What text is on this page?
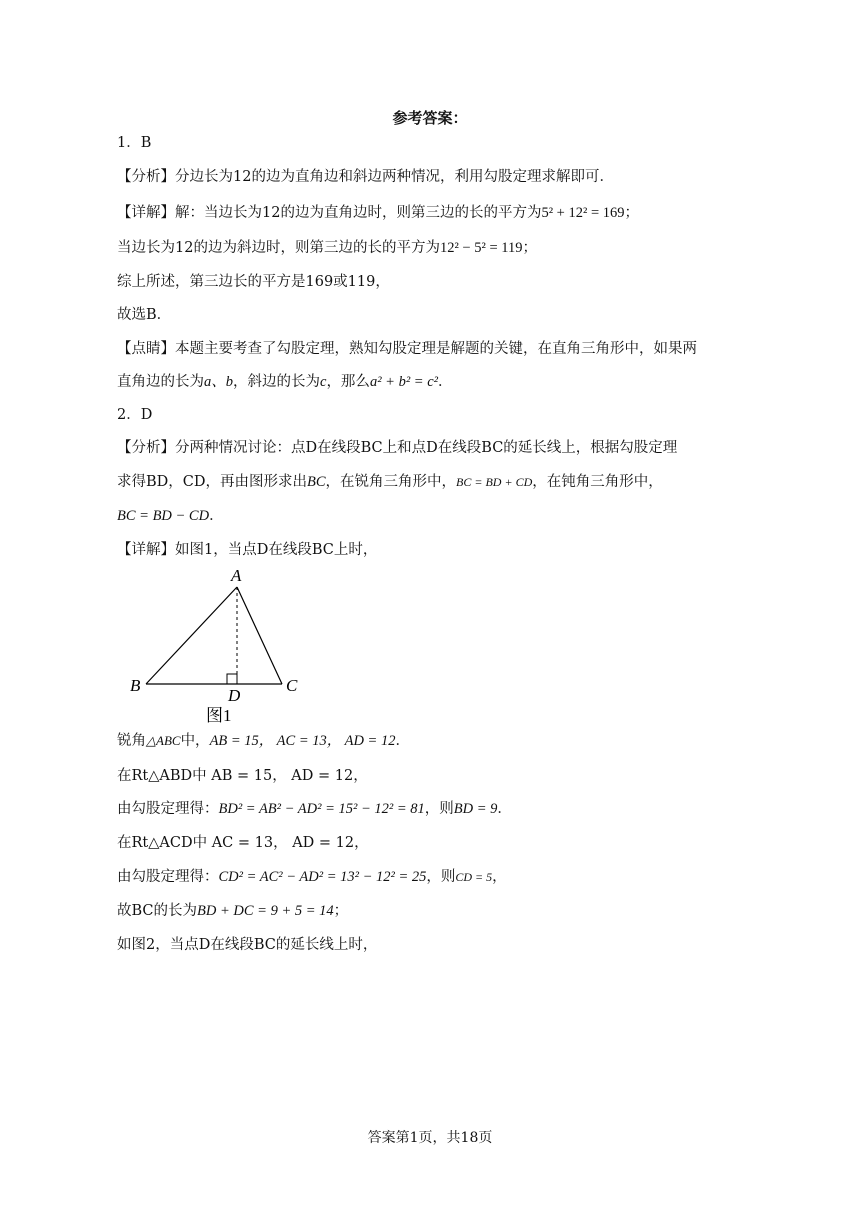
参考答案：
1．B
【分析】分边长为12的边为直角边和斜边两种情况，利用勾股定理求解即可．
【详解】解：当边长为12的边为直角边时，则第三边的长的平方为5² + 12² = 169；
当边长为12的边为斜边时，则第三边的长的平方为12² − 5² = 119；
综上所述，第三边长的平方是169或119，
故选B．
【点睛】本题主要考查了勾股定理，熟知勾股定理是解题的关键，在直角三角形中，如果两
直角边的长为a、b，斜边的长为c，那么a² + b² = c²．
2．D
【分析】分两种情况讨论：点D在线段BC上和点D在线段BC的延长线上，根据勾股定理
求得BD，CD，再由图形求出BC，在锐角三角形中，BC = BD + CD，在钝角三角形中，
BC = BD − CD．
【详解】如图1，当点D在线段BC上时，
A
B	C
D
图1
锐角△ABC中，AB = 15， AC = 13， AD = 12．
在Rt△ABD中 AB = 15， AD = 12，
由勾股定理得：BD² = AB² − AD² = 15² − 12² = 81，则BD = 9．
在Rt△ACD中 AC = 13， AD = 12，
由勾股定理得：CD² = AC² − AD² = 13² − 12² = 25，则CD = 5，
故BC的长为BD + DC = 9 + 5 = 14；
如图2，当点D在线段BC的延长线上时，
答案第1页，共18页
